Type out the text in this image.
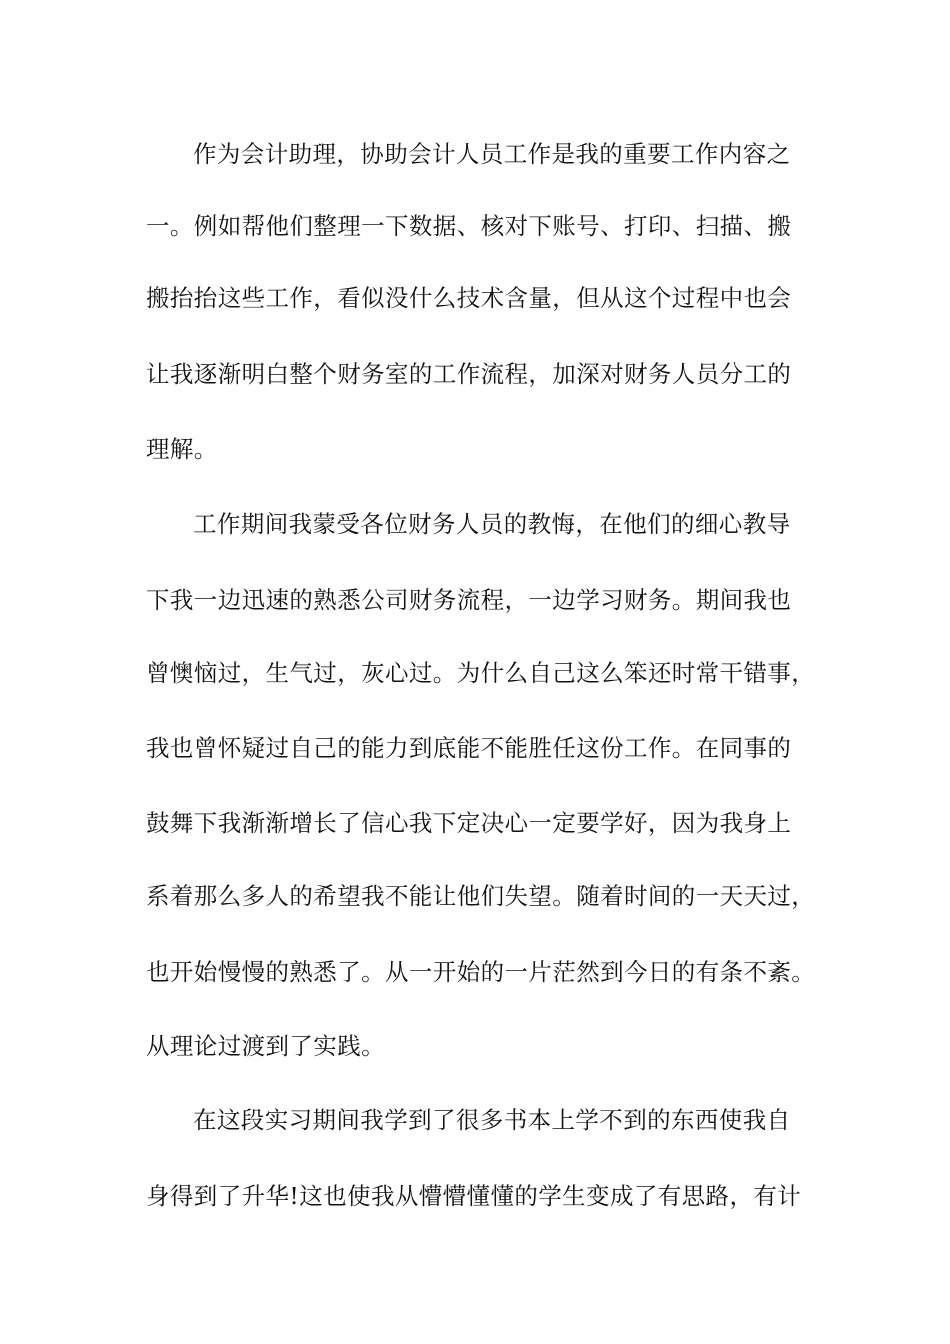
作为会计助理，协助会计人员工作是我的重要工作内容之
一。例如帮他们整理一下数据、核对下账号、打印、扫描、搬
搬抬抬这些工作，看似没什么技术含量，但从这个过程中也会
让我逐渐明白整个财务室的工作流程，加深对财务人员分工的
理解。
工作期间我蒙受各位财务人员的教悔，在他们的细心教导
下我一边迅速的熟悉公司财务流程，一边学习财务。期间我也
曾懊恼过，生气过，灰心过。为什么自己这么笨还时常干错事，
我也曾怀疑过自己的能力到底能不能胜任这份工作。在同事的
鼓舞下我渐渐增长了信心我下定决心一定要学好，因为我身上
系着那么多人的希望我不能让他们失望。随着时间的一天天过，
也开始慢慢的熟悉了。从一开始的一片茫然到今日的有条不紊。
从理论过渡到了实践。
在这段实习期间我学到了很多书本上学不到的东西使我自
身得到了升华!这也使我从懵懵懂懂的学生变成了有思路，有计
